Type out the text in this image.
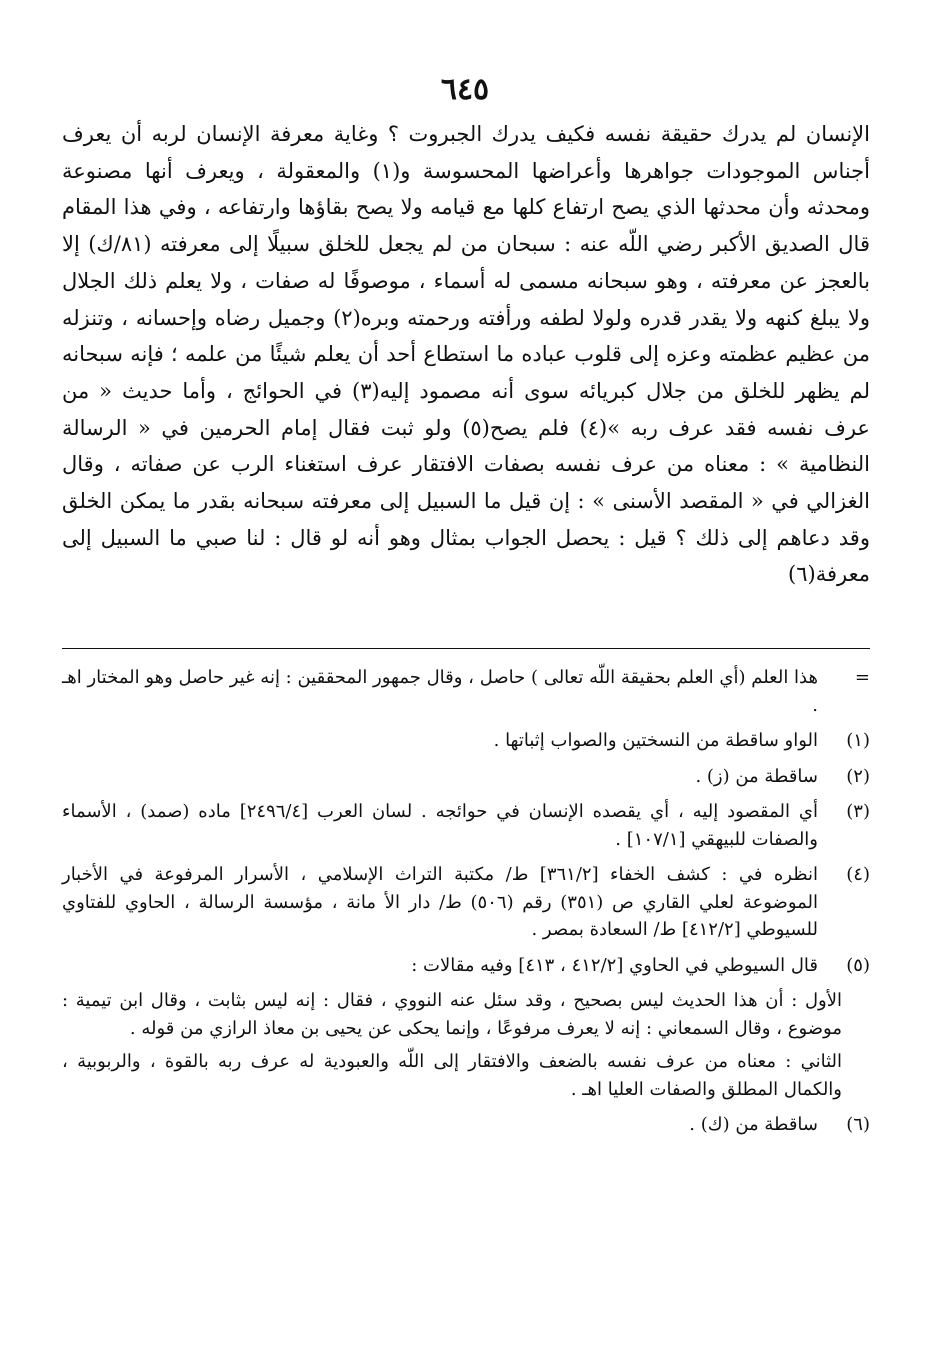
٦٤٥

الإنسان لم يدرك حقيقة نفسه فكيف يدرك الجبروت ؟ وغاية معرفة الإنسان لربه أن يعرف أجناس الموجودات جواهرها وأعراضها المحسوسة و(١) والمعقولة ، ويعرف أنها مصنوعة ومحدثه وأن محدثها الذي يصح ارتفاع كلها مع قيامه ولا يصح بقاؤها وارتفاعه ، وفي هذا المقام قال الصديق الأكبر رضي اللّه عنه : سبحان من لم يجعل للخلق سبيلًا إلى معرفته (٨١/ك) إلا بالعجز عن معرفته ، وهو سبحانه مسمى له أسماء ، موصوفًا له صفات ، ولا يعلم ذلك الجلال ولا يبلغ كنهه ولا يقدر قدره ولولا لطفه ورأفته ورحمته وبره(٢) وجميل رضاه وإحسانه ، وتنزله من عظيم عظمته وعزه إلى قلوب عباده ما استطاع أحد أن يعلم شيئًا من علمه ؛ فإنه سبحانه لم يظهر للخلق من جلال كبريائه سوى أنه مصمود إليه(٣) في الحوائج ، وأما حديث « من عرف نفسه فقد عرف ربه »(٤) فلم يصح(٥) ولو ثبت فقال إمام الحرمين في « الرسالة النظامية » : معناه من عرف نفسه بصفات الافتقار عرف استغناء الرب عن صفاته ، وقال الغزالي في « المقصد الأسنى » : إن قيل ما السبيل إلى معرفته سبحانه بقدر ما يمكن الخلق وقد دعاهم إلى ذلك ؟ قيل : يحصل الجواب بمثال وهو أنه لو قال : لنا صبي ما السبيل إلى معرفة(٦)

=
هذا العلم (أي العلم بحقيقة اللّه تعالى ) حاصل ، وقال جمهور المحققين : إنه غير حاصل وهو المختار اهـ .
(١)
الواو ساقطة من النسختين والصواب إثباتها .
(٢)
ساقطة من (ز) .
(٣)
أي المقصود إليه ، أي يقصده الإنسان في حوائجه . لسان العرب [٢٤٩٦/٤] ماده (صمد) ، الأسماء والصفات للبيهقي [١٠٧/١] .
(٤)
انظره في : كشف الخفاء [٣٦١/٢] ط/ مكتبة التراث الإسلامي ، الأسرار المرفوعة في الأخبار الموضوعة لعلي القاري ص (٣٥١) رقم (٥٠٦) ط/ دار الأ مانة ، مؤسسة الرسالة ، الحاوي للفتاوي للسيوطي [٤١٢/٢] ط/ السعادة بمصر .
(٥)
قال السيوطي في الحاوي [٤١٢/٢ ، ٤١٣] وفيه مقالات :

الأول : أن هذا الحديث ليس بصحيح ، وقد سئل عنه النووي ، فقال : إنه ليس بثابت ، وقال ابن تيمية : موضوع ، وقال السمعاني : إنه لا يعرف مرفوعًا ، وإنما يحكى عن يحيى بن معاذ الرازي من قوله .

الثاني : معناه من عرف نفسه بالضعف والافتقار إلى اللّه والعبودية له عرف ربه بالقوة ، والربوبية ، والكمال المطلق والصفات العليا اهـ .

(٦)
ساقطة من (ك) .
